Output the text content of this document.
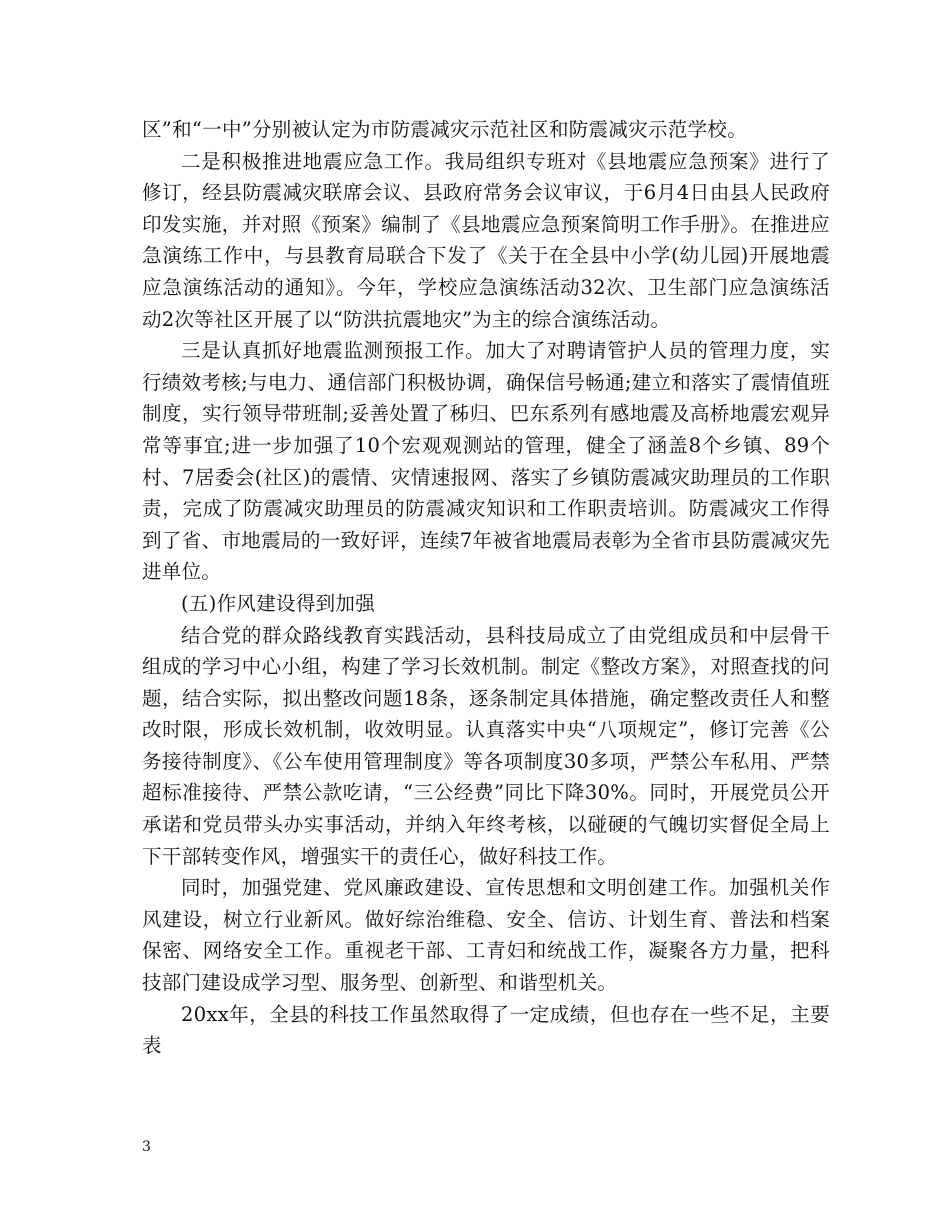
区”和“一中”分别被认定为市防震减灾示范社区和防震减灾示范学校。

二是积极推进地震应急工作。我局组织专班对《县地震应急预案》进行了修订，经县防震减灾联席会议、县政府常务会议审议，于6月4日由县人民政府印发实施，并对照《预案》编制了《县地震应急预案简明工作手册》。在推进应急演练工作中，与县教育局联合下发了《关于在全县中小学(幼儿园)开展地震应急演练活动的通知》。今年，学校应急演练活动32次、卫生部门应急演练活动2次等社区开展了以“防洪抗震地灾”为主的综合演练活动。

三是认真抓好地震监测预报工作。加大了对聘请管护人员的管理力度，实行绩效考核;与电力、通信部门积极协调，确保信号畅通;建立和落实了震情值班制度，实行领导带班制;妥善处置了秭归、巴东系列有感地震及高桥地震宏观异常等事宜;进一步加强了10个宏观观测站的管理，健全了涵盖8个乡镇、89个村、7居委会(社区)的震情、灾情速报网、落实了乡镇防震减灾助理员的工作职责，完成了防震减灾助理员的防震减灾知识和工作职责培训。防震减灾工作得到了省、市地震局的一致好评，连续7年被省地震局表彰为全省市县防震减灾先进单位。

(五)作风建设得到加强

结合党的群众路线教育实践活动，县科技局成立了由党组成员和中层骨干组成的学习中心小组，构建了学习长效机制。制定《整改方案》，对照查找的问题，结合实际，拟出整改问题18条，逐条制定具体措施，确定整改责任人和整改时限，形成长效机制，收效明显。认真落实中央“八项规定”，修订完善《公务接待制度》、《公车使用管理制度》等各项制度30多项，严禁公车私用、严禁超标准接待、严禁公款吃请，“三公经费”同比下降30%。同时，开展党员公开承诺和党员带头办实事活动，并纳入年终考核，以碰硬的气魄切实督促全局上下干部转变作风，增强实干的责任心，做好科技工作。

同时，加强党建、党风廉政建设、宣传思想和文明创建工作。加强机关作风建设，树立行业新风。做好综治维稳、安全、信访、计划生育、普法和档案保密、网络安全工作。重视老干部、工青妇和统战工作，凝聚各方力量，把科技部门建设成学习型、服务型、创新型、和谐型机关。

20xx年，全县的科技工作虽然取得了一定成绩，但也存在一些不足，主要表

3
